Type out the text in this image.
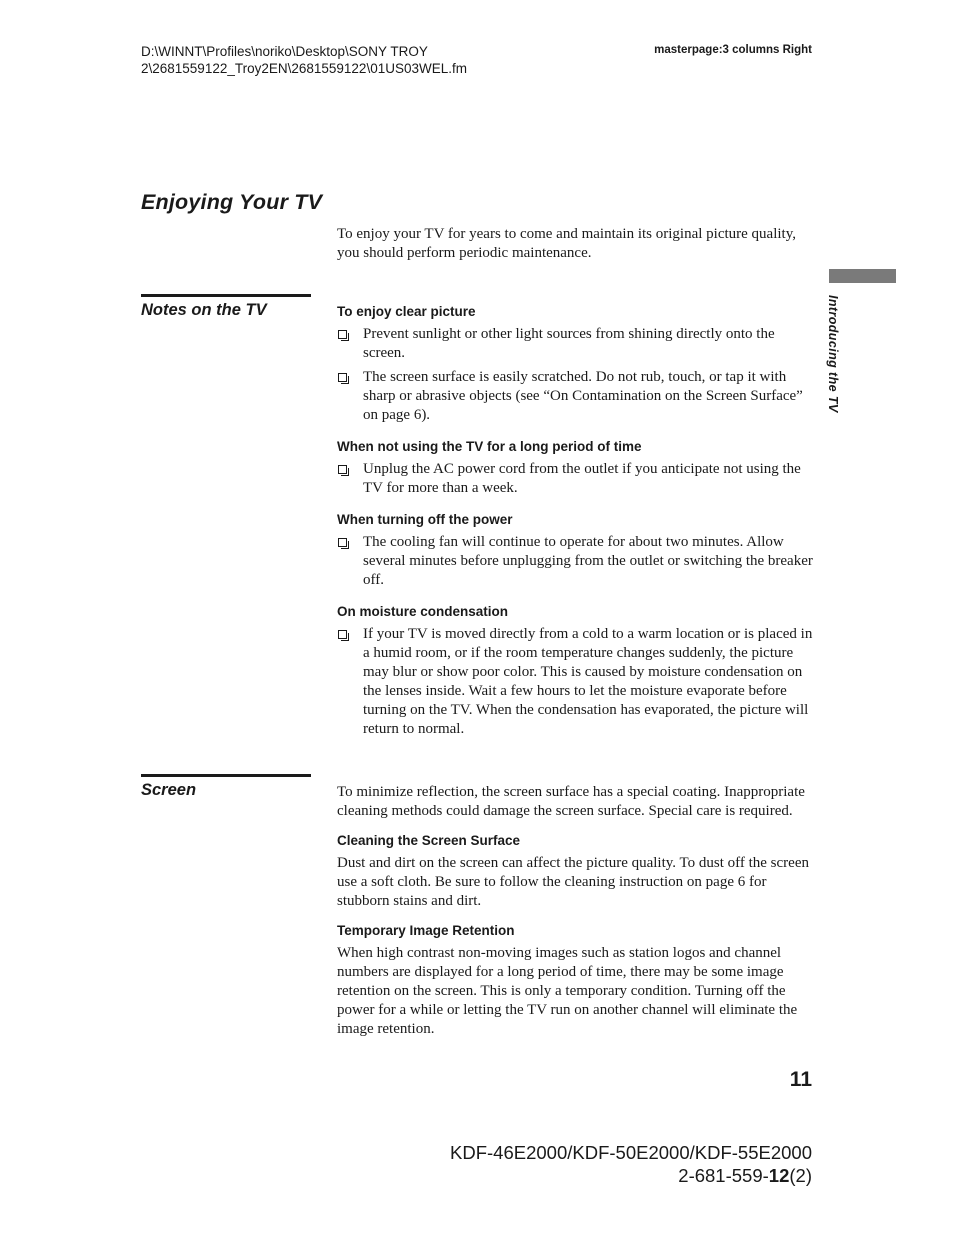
D:\WINNT\Profiles\noriko\Desktop\SONY TROY
2\2681559122_Troy2EN\2681559122\01US03WEL.fm
masterpage:3 columns Right
Enjoying Your TV
To enjoy your TV for years to come and maintain its original picture quality, you should perform periodic maintenance.
Introducing the TV
Notes on the TV	To enjoy clear picture
Prevent sunlight or other light sources from shining directly onto the screen.
The screen surface is easily scratched. Do not rub, touch, or tap it with sharp or abrasive objects (see “On Contamination on the Screen Surface” on page 6).
When not using the TV for a long period of time
Unplug the AC power cord from the outlet if you anticipate not using the TV for more than a week.
When turning off the power
The cooling fan will continue to operate for about two minutes. Allow several minutes before unplugging from the outlet or switching the breaker off.
On moisture condensation
If your TV is moved directly from a cold to a warm location or is placed in a humid room, or if the room temperature changes suddenly, the picture may blur or show poor color. This is caused by moisture condensation on the lenses inside. Wait a few hours to let the moisture evaporate before turning on the TV. When the condensation has evaporated, the picture will return to normal.
Screen	To minimize reflection, the screen surface has a special coating. Inappropriate cleaning methods could damage the screen surface. Special care is required.
Cleaning the Screen Surface
Dust and dirt on the screen can affect the picture quality. To dust off the screen use a soft cloth. Be sure to follow the cleaning instruction on page 6 for stubborn stains and dirt.
Temporary Image Retention
When high contrast non-moving images such as station logos and channel numbers are displayed for a long period of time, there may be some image retention on the screen. This is only a temporary condition. Turning off the power for a while or letting the TV run on another channel will eliminate the image retention.
11
KDF-46E2000/KDF-50E2000/KDF-55E2000
2-681-559-12(2)
